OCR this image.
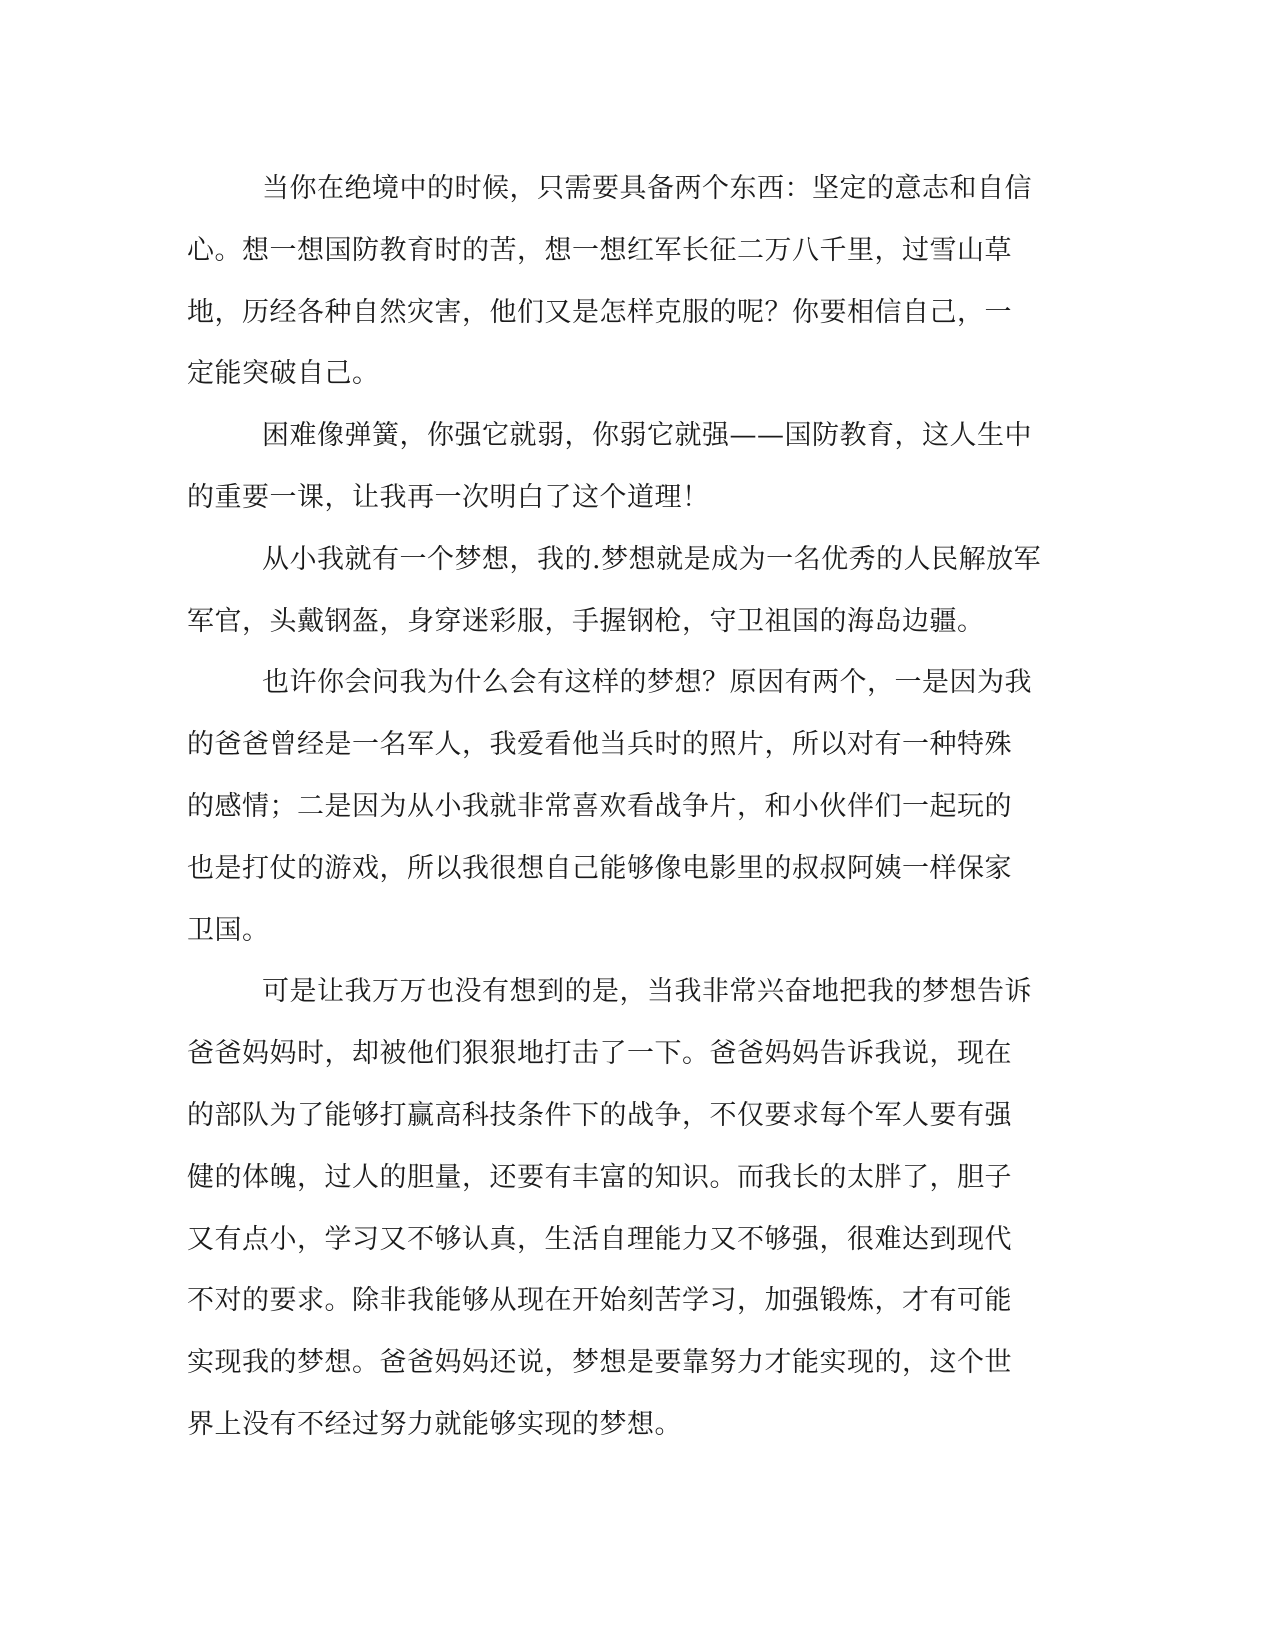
当你在绝境中的时候，只需要具备两个东西：坚定的意志和自信
心。想一想国防教育时的苦，想一想红军长征二万八千里，过雪山草
地，历经各种自然灾害，他们又是怎样克服的呢？你要相信自己，一
定能突破自己。
困难像弹簧，你强它就弱，你弱它就强——国防教育，这人生中
的重要一课，让我再一次明白了这个道理！
从小我就有一个梦想，我的.梦想就是成为一名优秀的人民解放军
军官，头戴钢盔，身穿迷彩服，手握钢枪，守卫祖国的海岛边疆。
也许你会问我为什么会有这样的梦想？原因有两个，一是因为我
的爸爸曾经是一名军人，我爱看他当兵时的照片，所以对有一种特殊
的感情；二是因为从小我就非常喜欢看战争片，和小伙伴们一起玩的
也是打仗的游戏，所以我很想自己能够像电影里的叔叔阿姨一样保家
卫国。
可是让我万万也没有想到的是，当我非常兴奋地把我的梦想告诉
爸爸妈妈时，却被他们狠狠地打击了一下。爸爸妈妈告诉我说，现在
的部队为了能够打赢高科技条件下的战争，不仅要求每个军人要有强
健的体魄，过人的胆量，还要有丰富的知识。而我长的太胖了，胆子
又有点小，学习又不够认真，生活自理能力又不够强，很难达到现代
不对的要求。除非我能够从现在开始刻苦学习，加强锻炼，才有可能
实现我的梦想。爸爸妈妈还说，梦想是要靠努力才能实现的，这个世
界上没有不经过努力就能够实现的梦想。
